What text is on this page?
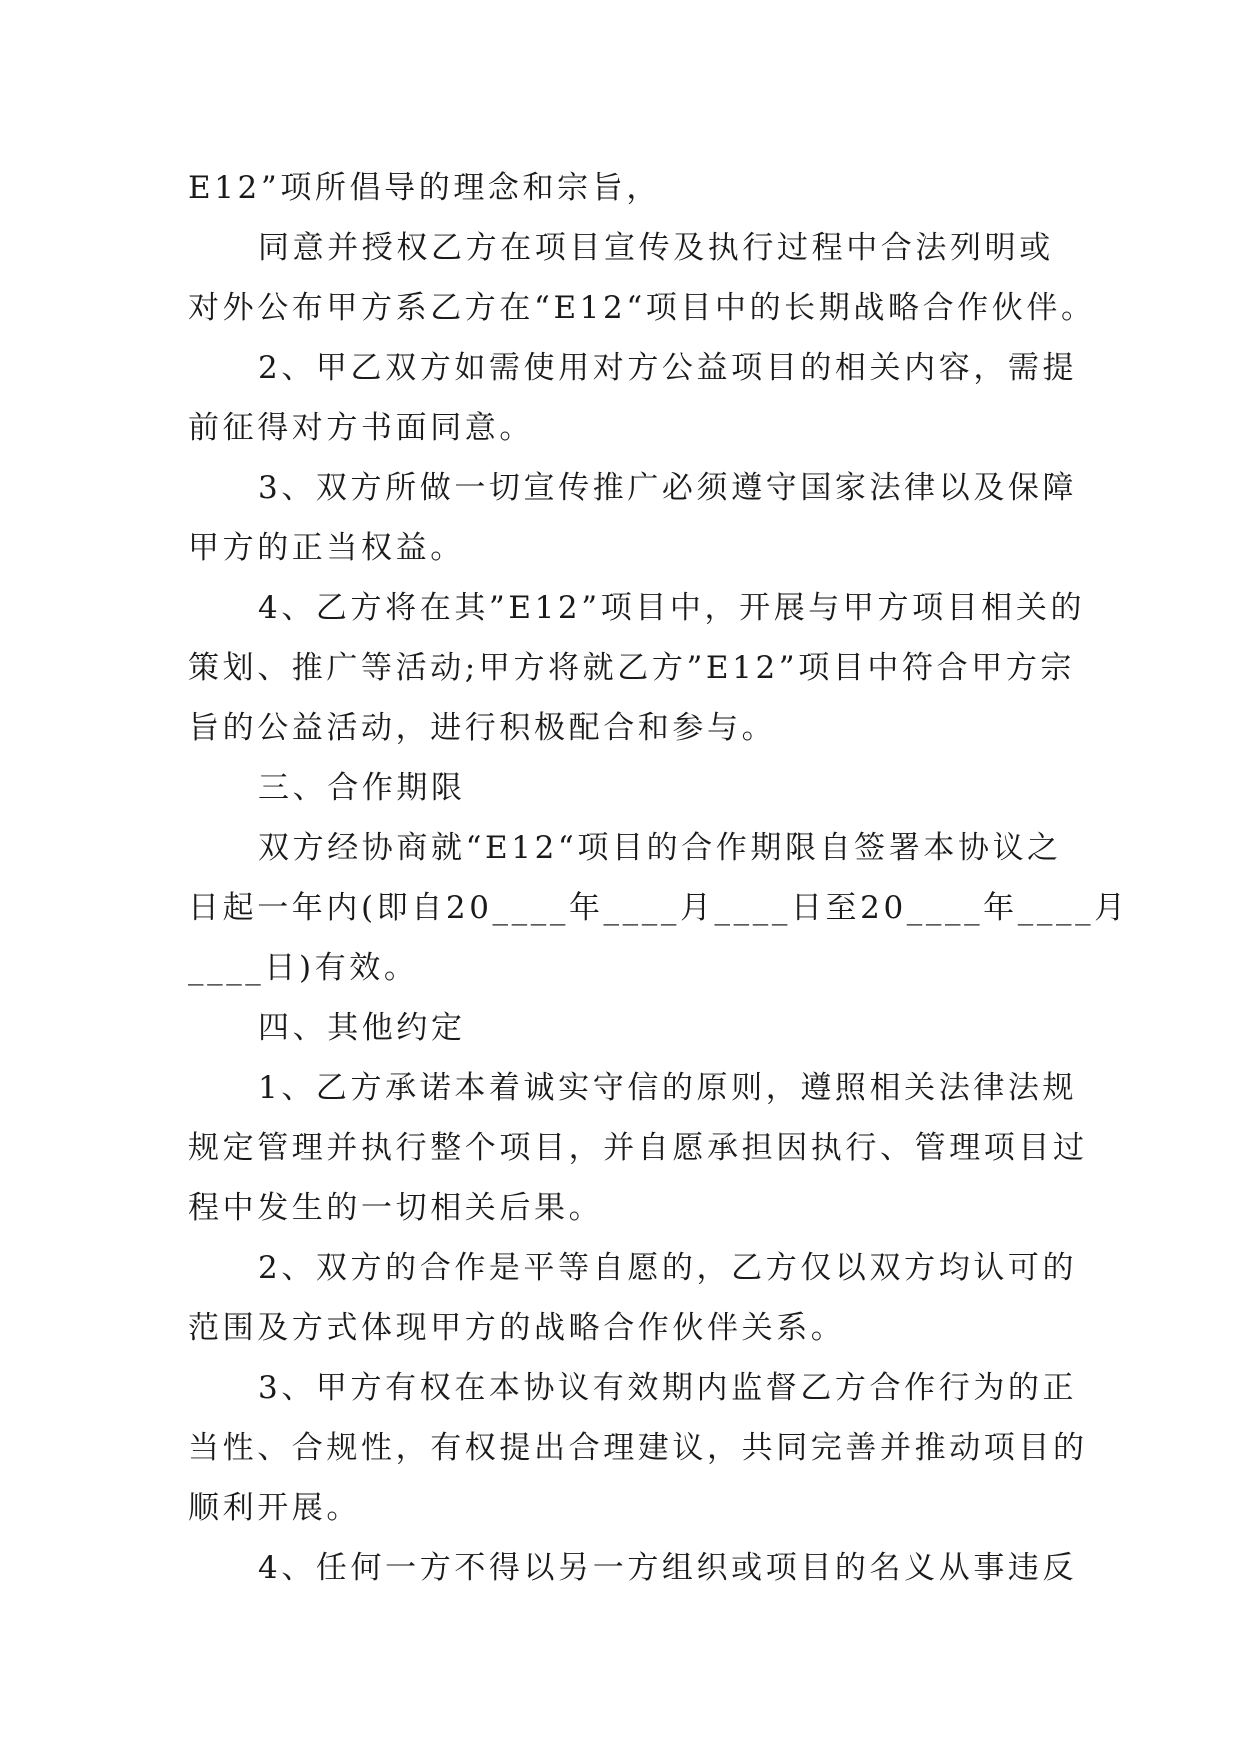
E12”项所倡导的理念和宗旨，
同意并授权乙方在项目宣传及执行过程中合法列明或
对外公布甲方系乙方在“E12“项目中的长期战略合作伙伴。
2、甲乙双方如需使用对方公益项目的相关内容，需提
前征得对方书面同意。
3、双方所做一切宣传推广必须遵守国家法律以及保障
甲方的正当权益。
4、乙方将在其”E12”项目中，开展与甲方项目相关的
策划、推广等活动;甲方将就乙方”E12”项目中符合甲方宗
旨的公益活动，进行积极配合和参与。
三、合作期限
双方经协商就“E12“项目的合作期限自签署本协议之
日起一年内(即自20____年____月____日至20____年____月
____日)有效。
四、其他约定
1、乙方承诺本着诚实守信的原则，遵照相关法律法规
规定管理并执行整个项目，并自愿承担因执行、管理项目过
程中发生的一切相关后果。
2、双方的合作是平等自愿的，乙方仅以双方均认可的
范围及方式体现甲方的战略合作伙伴关系。
3、甲方有权在本协议有效期内监督乙方合作行为的正
当性、合规性，有权提出合理建议，共同完善并推动项目的
顺利开展。
4、任何一方不得以另一方组织或项目的名义从事违反
